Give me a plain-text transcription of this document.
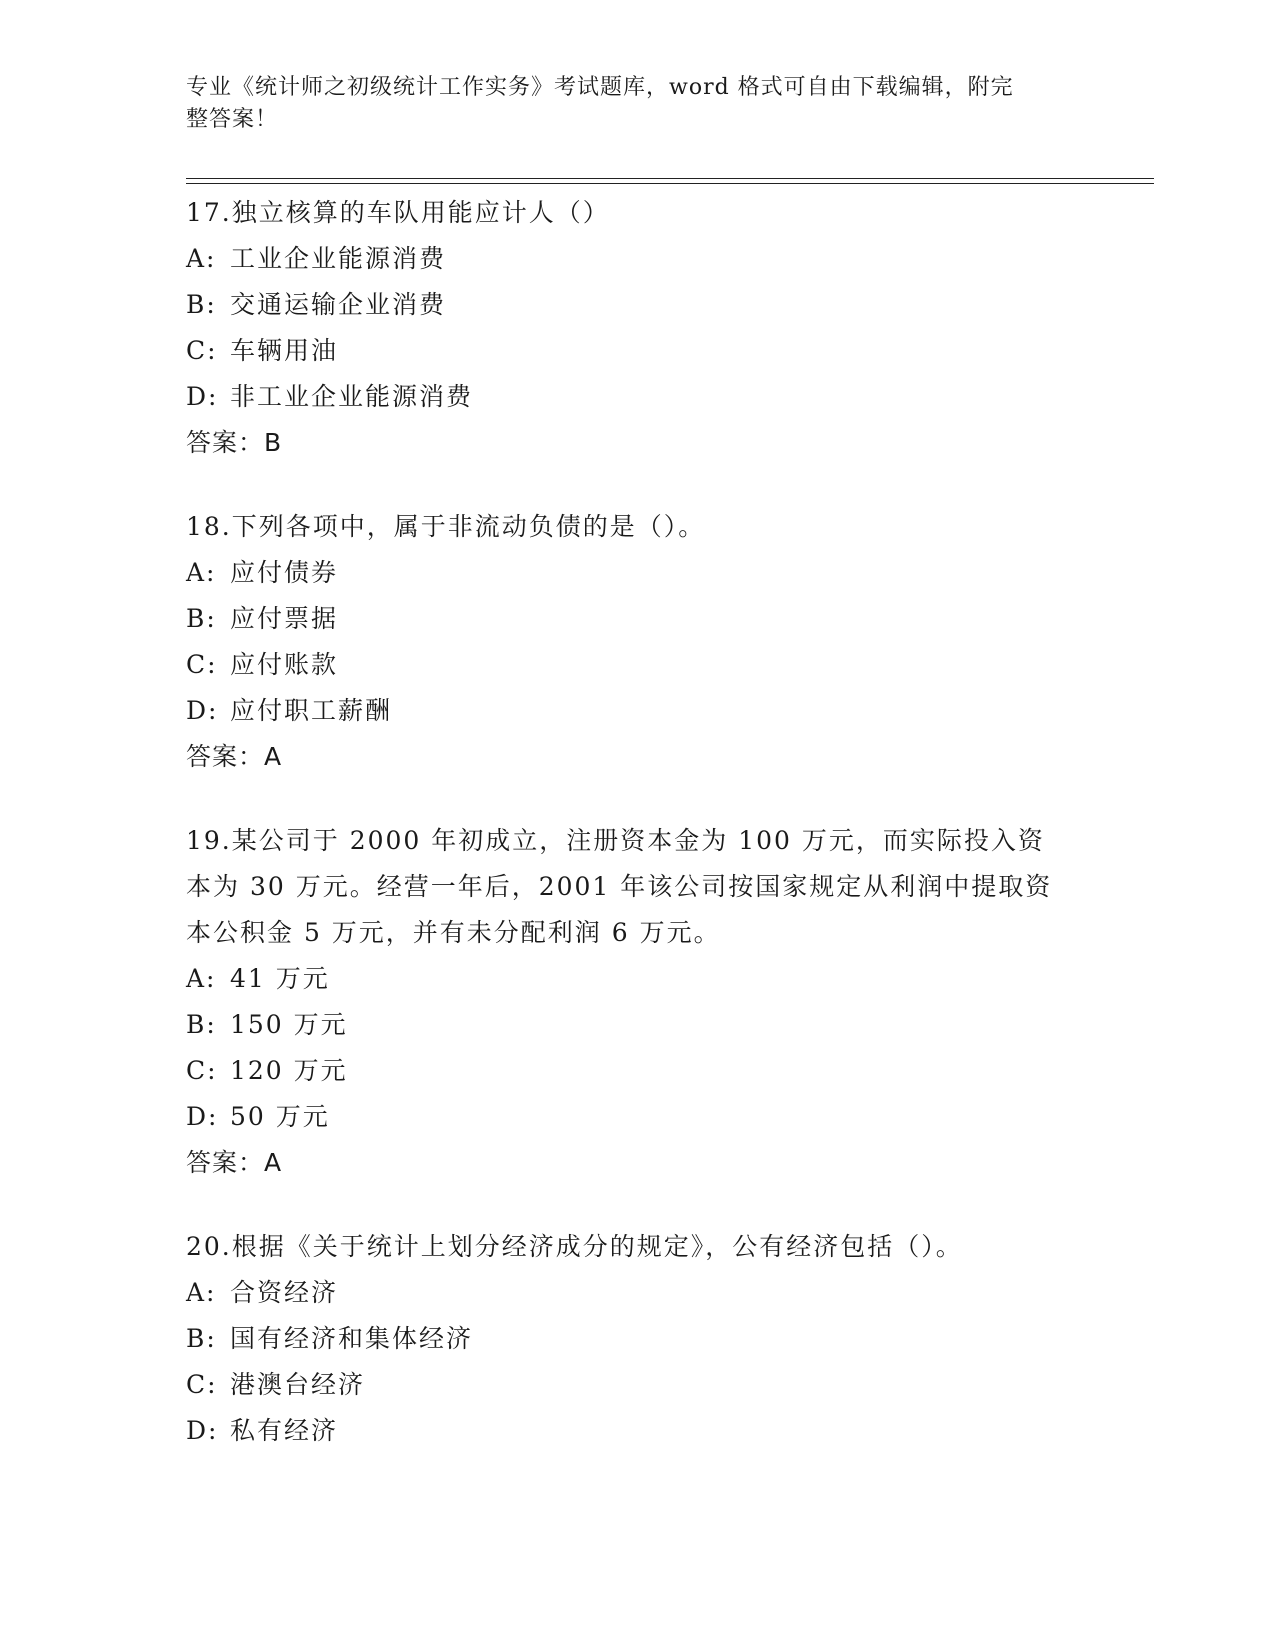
专业《统计师之初级统计工作实务》考试题库，word 格式可自由下载编辑，附完
整答案！
17.独立核算的车队用能应计人（）
A: 工业企业能源消费
B: 交通运输企业消费
C: 车辆用油
D: 非工业企业能源消费
答案：B
18.下列各项中，属于非流动负债的是（）。
A: 应付债券
B: 应付票据
C: 应付账款
D: 应付职工薪酬
答案：A
19.某公司于 2000 年初成立，注册资本金为 100 万元，而实际投入资
本为 30 万元。经营一年后，2001 年该公司按国家规定从利润中提取资
本公积金 5 万元，并有未分配利润 6 万元。
A: 41 万元
B: 150 万元
C: 120 万元
D: 50 万元
答案：A
20.根据《关于统计上划分经济成分的规定》，公有经济包括（）。
A: 合资经济
B: 国有经济和集体经济
C: 港澳台经济
D: 私有经济
